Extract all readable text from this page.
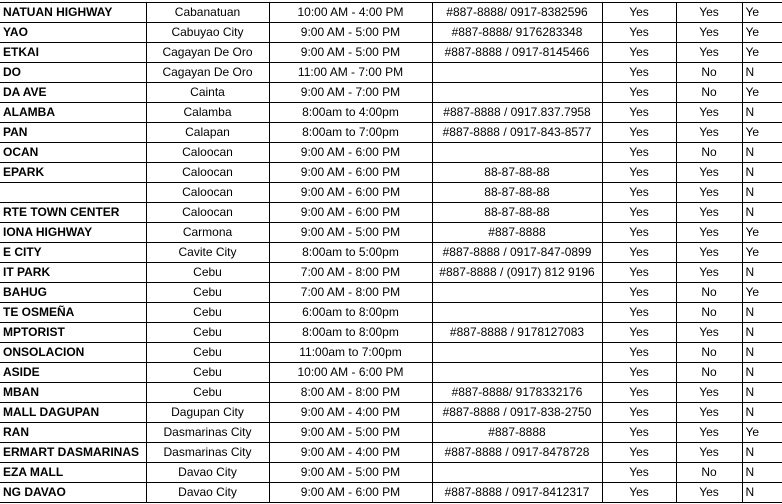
NATUAN HIGHWAY	Cabanatuan	10:00 AM - 4:00 PM	#887-8888/ 0917-8382596	Yes	Yes	Ye
YAO	Cabuyao City	9:00 AM - 5:00 PM	#887-8888/ 9176283348	Yes	Yes	Ye
ETKAI	Cagayan De Oro	9:00 AM - 5:00 PM	#887-8888 / 0917-8145466	Yes	Yes	Ye
DO	Cagayan De Oro	11:00 AM - 7:00 PM		Yes	No	N
DA AVE	Cainta	9:00 AM - 7:00 PM		Yes	No	Ye
ALAMBA	Calamba	8:00am to 4:00pm	#887-8888 / 0917.837.7958	Yes	Yes	N
PAN	Calapan	8:00am to 7:00pm	#887-8888 / 0917-843-8577	Yes	Yes	Ye
OCAN	Caloocan	9:00 AM - 6:00 PM		Yes	No	N
EPARK	Caloocan	9:00 AM - 6:00 PM	88-87-88-88	Yes	Yes	N
	Caloocan	9:00 AM - 6:00 PM	88-87-88-88	Yes	Yes	N
RTE TOWN CENTER	Caloocan	9:00 AM - 6:00 PM	88-87-88-88	Yes	Yes	N
IONA HIGHWAY	Carmona	9:00 AM - 5:00 PM	#887-8888	Yes	Yes	Ye
E CITY	Cavite City	8:00am to 5:00pm	#887-8888 / 0917-847-0899	Yes	Yes	Ye
IT PARK	Cebu	7:00 AM - 8:00 PM	#887-8888 / (0917) 812 9196	Yes	Yes	N
BAHUG	Cebu	7:00 AM - 8:00 PM		Yes	No	Ye
TE OSMEÑA	Cebu	6:00am to 8:00pm		Yes	No	N
MPTORIST	Cebu	8:00am to 8:00pm	#887-8888 / 9178127083	Yes	Yes	N
ONSOLACION	Cebu	11:00am to 7:00pm		Yes	No	N
ASIDE	Cebu	10:00 AM - 6:00 PM		Yes	No	N
MBAN	Cebu	8:00 AM - 8:00 PM	#887-8888/ 9178332176	Yes	Yes	N
MALL DAGUPAN	Dagupan City	9:00 AM - 4:00 PM	#887-8888 / 0917-838-2750	Yes	Yes	N
RAN	Dasmarinas City	9:00 AM - 5:00 PM	#887-8888	Yes	Yes	Ye
ERMART DASMARINAS	Dasmarinas City	9:00 AM - 4:00 PM	#887-8888 / 0917-8478728	Yes	Yes	N
EZA MALL	Davao City	9:00 AM - 5:00 PM		Yes	No	N
NG DAVAO	Davao City	9:00 AM - 6:00 PM	#887-8888 / 0917-8412317	Yes	Yes	N
